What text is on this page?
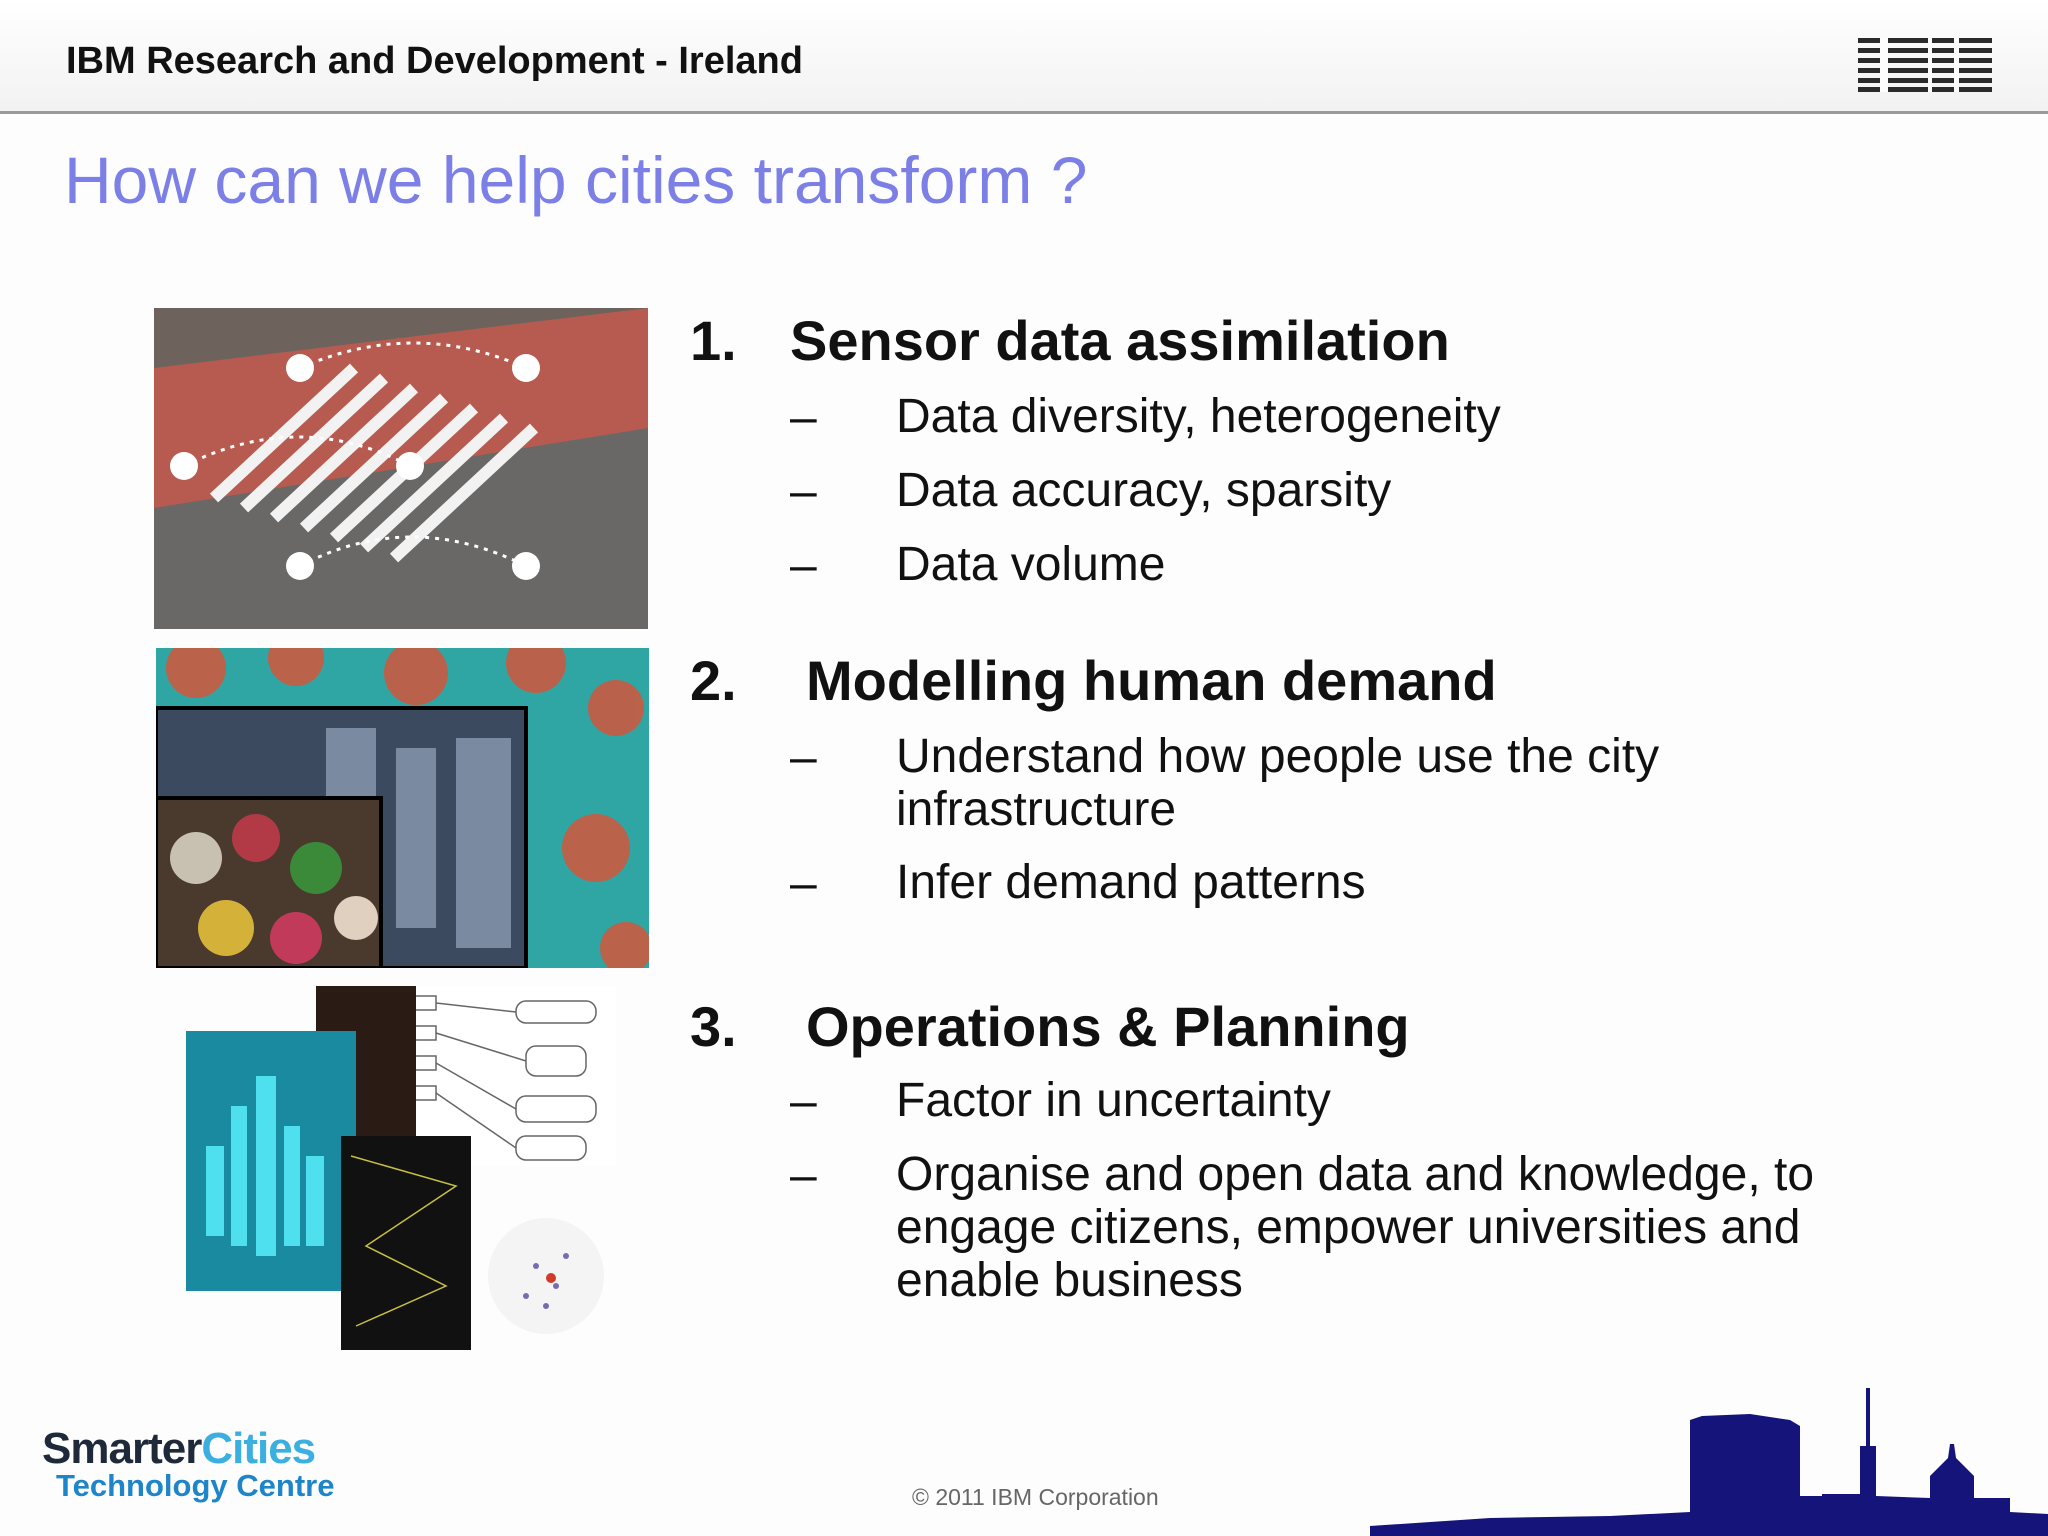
IBM Research and Development - Ireland
How can we help cities transform ?
1. Sensor data assimilation
– Data diversity, heterogeneity
– Data accuracy, sparsity
– Data volume
2. Modelling human demand
– Understand how people use the city infrastructure
– Infer demand patterns
3. Operations & Planning
– Factor in uncertainty
– Organise and open data and knowledge, to engage citizens, empower universities and enable business
SmarterCities
Technology Centre	© 2011 IBM Corporation
